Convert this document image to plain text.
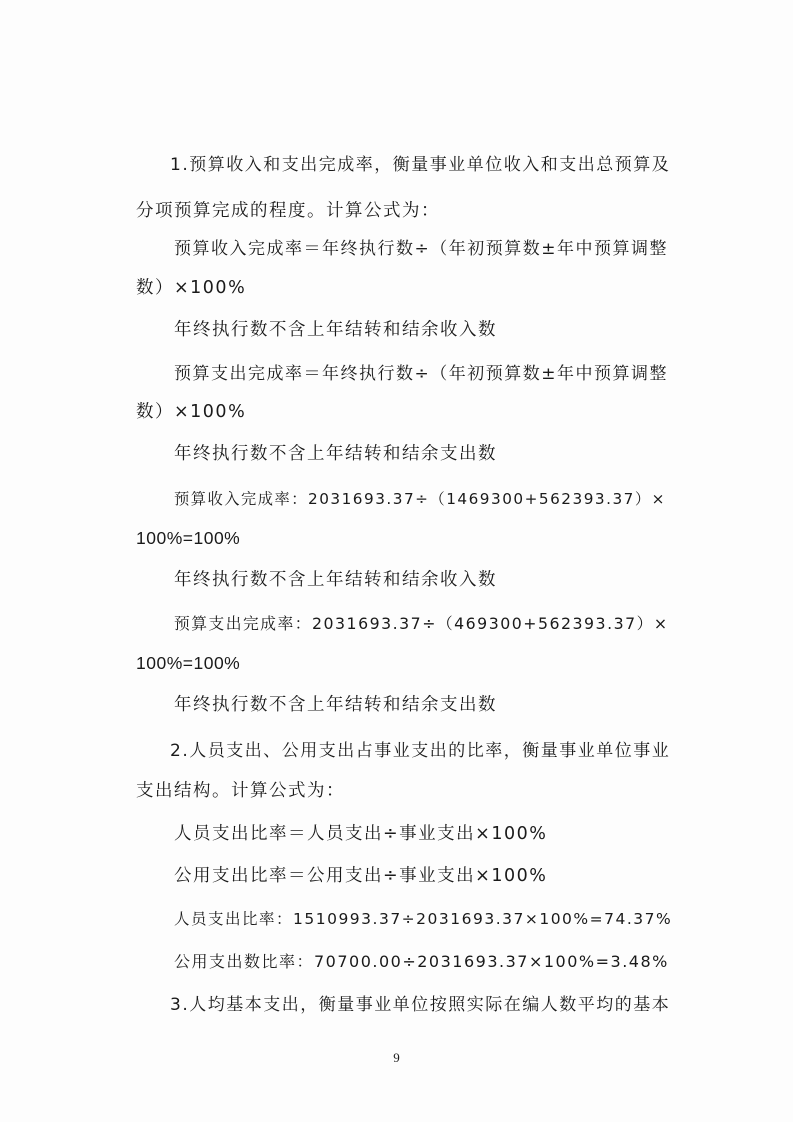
1.预算收入和支出完成率，衡量事业单位收入和支出总预算及
分项预算完成的程度。计算公式为：
预算收入完成率＝年终执行数÷（年初预算数±年中预算调整
数）×100%
年终执行数不含上年结转和结余收入数
预算支出完成率＝年终执行数÷（年初预算数±年中预算调整
数）×100%
年终执行数不含上年结转和结余支出数
预算收入完成率：2031693.37÷（1469300+562393.37）×
100%=100%
年终执行数不含上年结转和结余收入数
预算支出完成率：2031693.37÷（469300+562393.37）×
100%=100%
年终执行数不含上年结转和结余支出数
2.人员支出、公用支出占事业支出的比率，衡量事业单位事业
支出结构。计算公式为：
人员支出比率＝人员支出÷事业支出×100%
公用支出比率＝公用支出÷事业支出×100%
人员支出比率：1510993.37÷2031693.37×100%=74.37%
公用支出数比率：70700.00÷2031693.37×100%=3.48%
3.人均基本支出，衡量事业单位按照实际在编人数平均的基本
9
